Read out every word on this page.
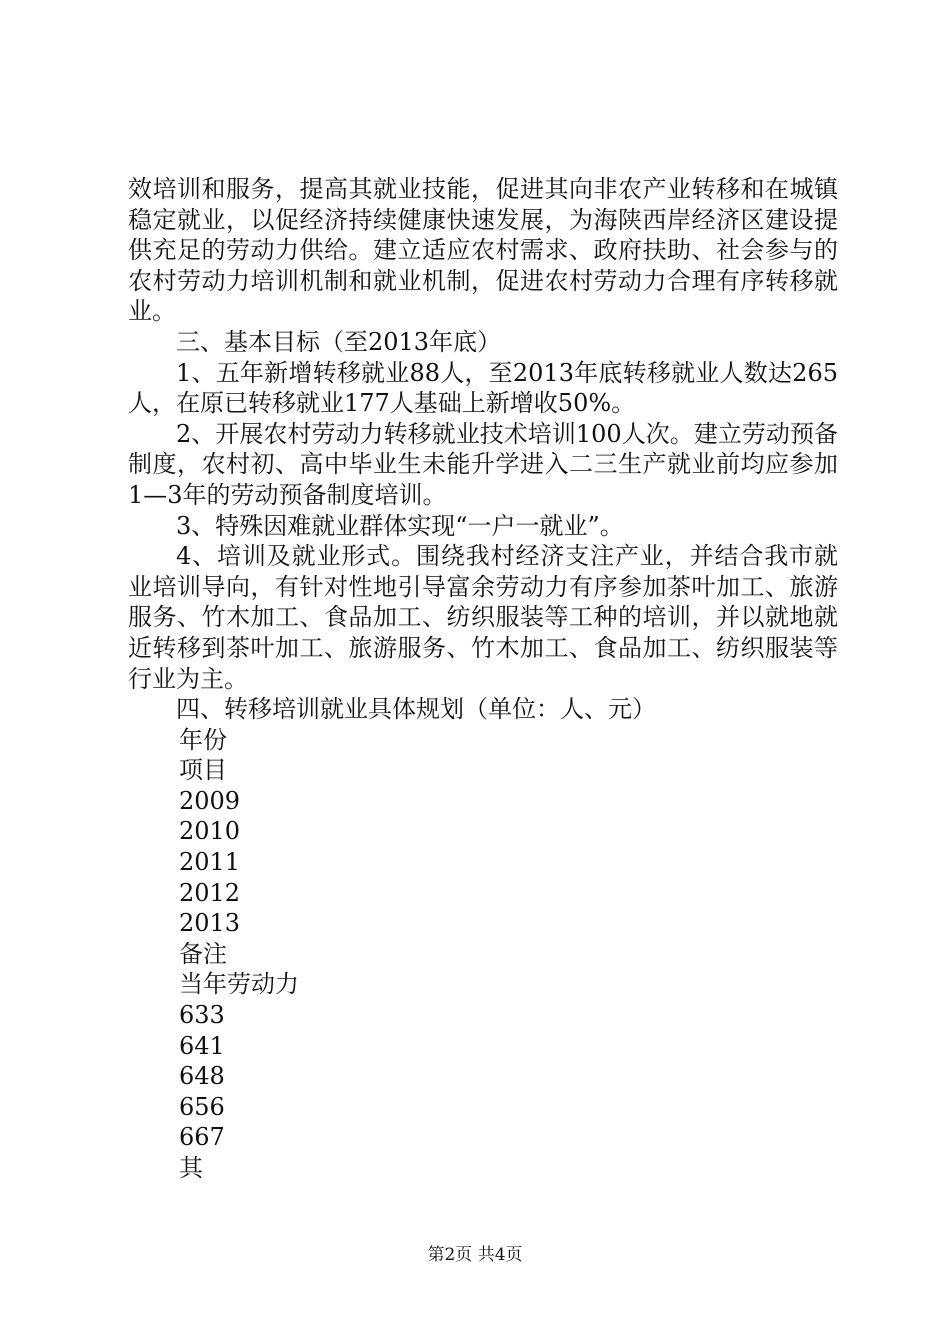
效培训和服务，提高其就业技能，促进其向非农产业转移和在城镇稳定就业，以促经济持续健康快速发展，为海陕西岸经济区建设提供充足的劳动力供给。建立适应农村需求、政府扶助、社会参与的农村劳动力培训机制和就业机制，促进农村劳动力合理有序转移就业。

三、基本目标（至2013年底）

1、五年新增转移就业88人，至2013年底转移就业人数达265人，在原已转移就业177人基础上新增收50%。

2、开展农村劳动力转移就业技术培训100人次。建立劳动预备制度，农村初、高中毕业生未能升学进入二三生产就业前均应参加1—3年的劳动预备制度培训。

3、特殊因难就业群体实现“一户一就业”。

4、培训及就业形式。围绕我村经济支注产业，并结合我市就业培训导向，有针对性地引导富余劳动力有序参加茶叶加工、旅游服务、竹木加工、食品加工、纺织服装等工种的培训，并以就地就近转移到茶叶加工、旅游服务、竹木加工、食品加工、纺织服装等行业为主。

四、转移培训就业具体规划（单位：人、元）

年份
项目
2009
2010
2011
2012
2013
备注
当年劳动力
633
641
648
656
667
其
第2页 共4页
